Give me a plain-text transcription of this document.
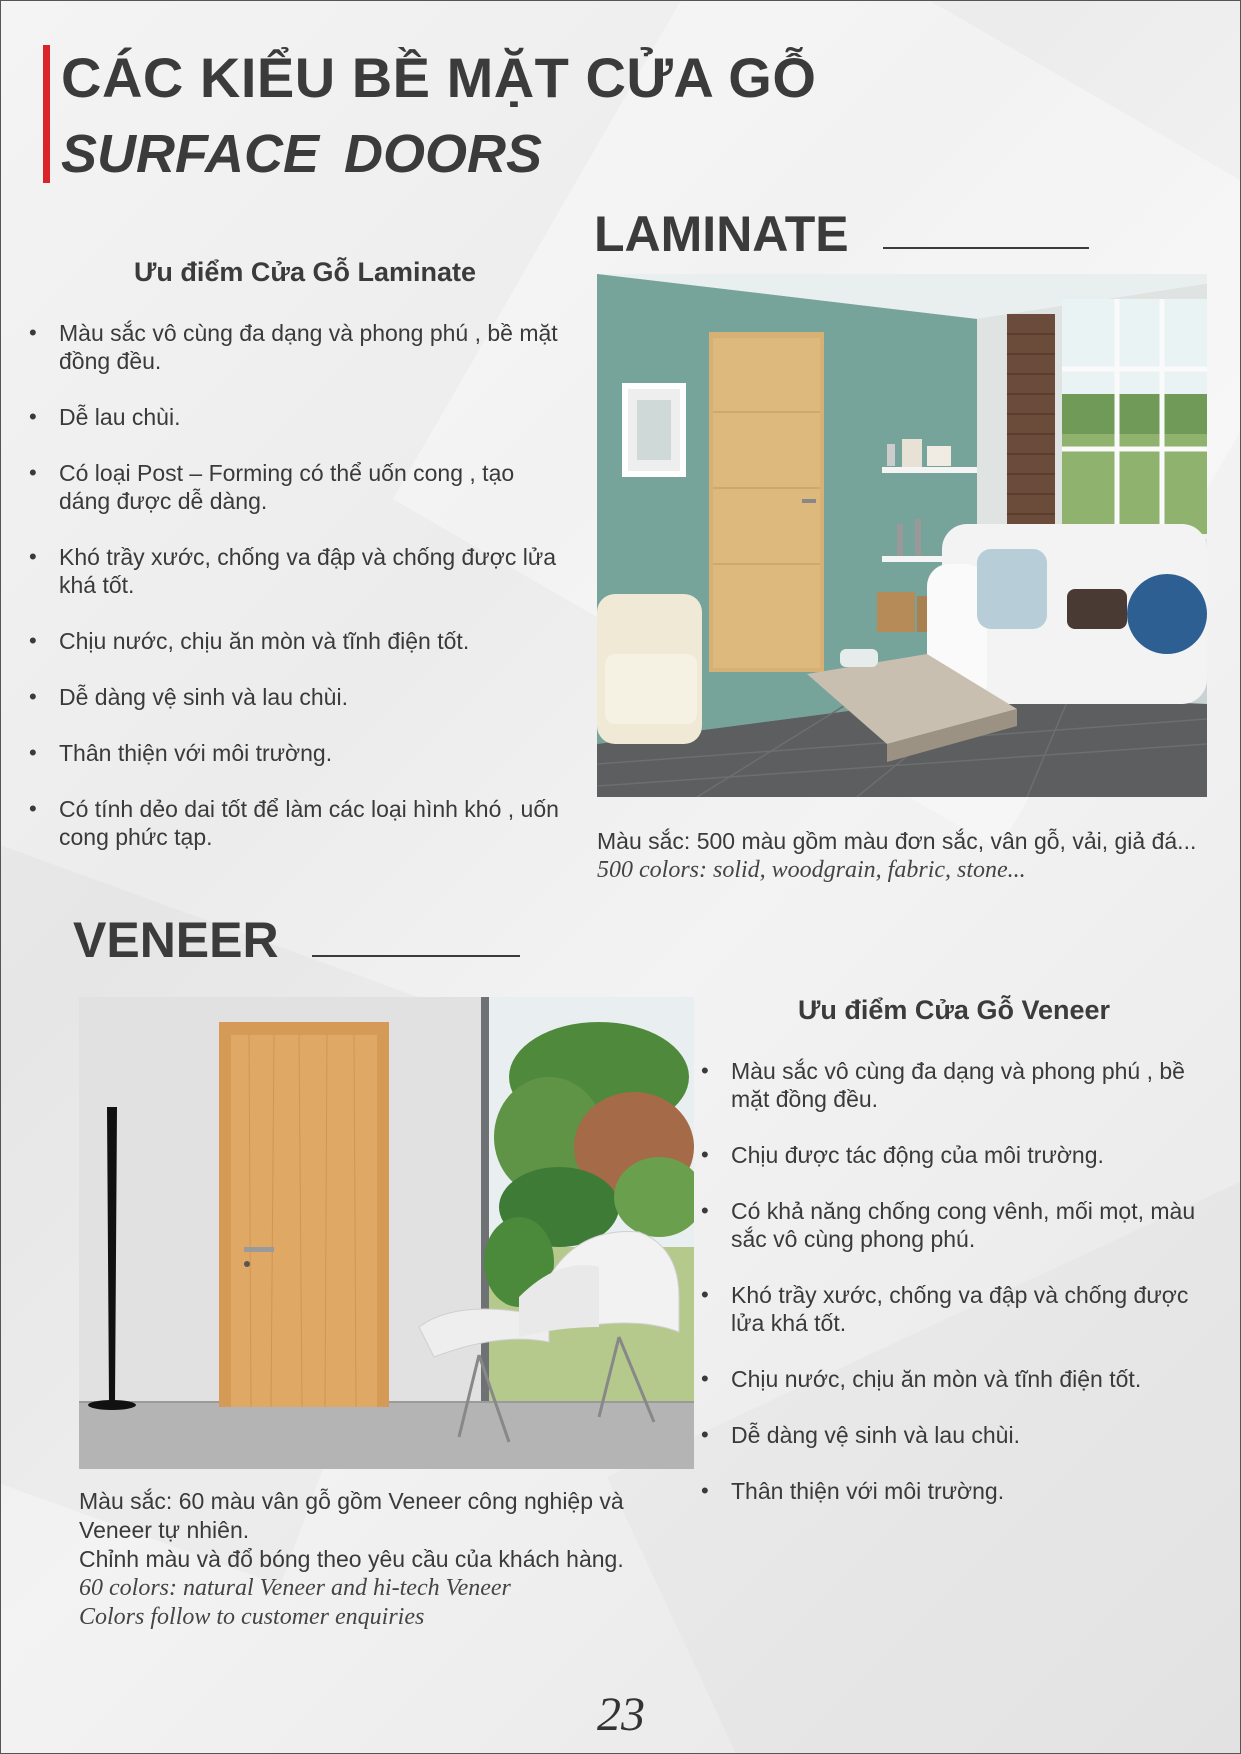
CÁC KIỂU BỀ MẶT CỬA GỖ
SURFACE DOORS
LAMINATE
Ưu điểm Cửa Gỗ Laminate
• Màu sắc vô cùng đa dạng và phong phú , bề mặt đồng đều.
• Dễ lau chùi.
• Có loại Post – Forming có thể uốn cong , tạo dáng được dễ dàng.
• Khó trầy xước, chống va đập và chống được lửa khá tốt.
• Chịu nước, chịu ăn mòn và tĩnh điện tốt.
• Dễ dàng vệ sinh và lau chùi.
• Thân thiện với môi trường.
• Có tính dẻo dai tốt để làm các loại hình khó , uốn cong phức tạp.	Màu sắc: 500 màu gồm màu đơn sắc, vân gỗ, vải, giả đá...
500 colors: solid, woodgrain, fabric, stone...
VENEER
Ưu điểm Cửa Gỗ Veneer
• Màu sắc vô cùng đa dạng và phong phú , bề mặt đồng đều.
• Chịu được tác động của môi trường.
• Có khả năng chống cong vênh, mối mọt, màu sắc vô cùng phong phú.
• Khó trầy xước, chống va đập và chống được lửa khá tốt.
• Chịu nước, chịu ăn mòn và tĩnh điện tốt.
• Dễ dàng vệ sinh và lau chùi.
• Thân thiện với môi trường.
Màu sắc: 60 màu vân gỗ gồm Veneer công nghiệp và Veneer tự nhiên.
Chỉnh màu và đổ bóng theo yêu cầu của khách hàng.
60 colors: natural Veneer and hi-tech Veneer
Colors follow to customer enquiries
23
